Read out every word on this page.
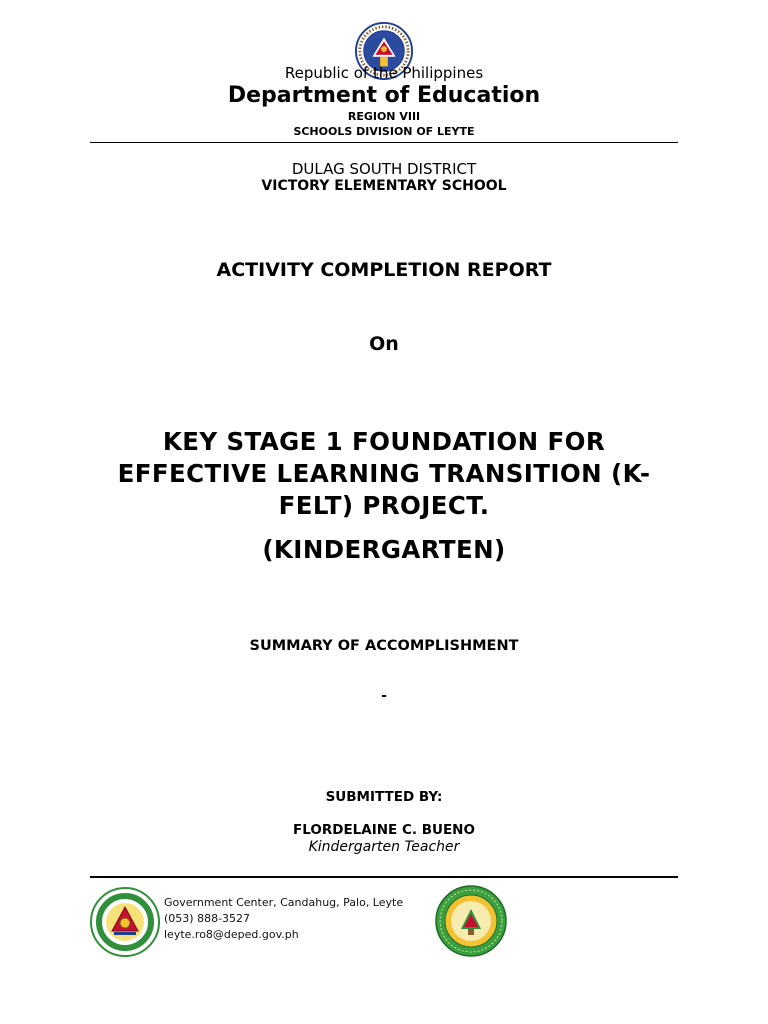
Republic of the Philippines
Department of Education
REGION VIII
SCHOOLS DIVISION OF LEYTE
DULAG SOUTH DISTRICT
VICTORY ELEMENTARY SCHOOL
ACTIVITY COMPLETION REPORT
On
KEY STAGE 1 FOUNDATION FOR EFFECTIVE LEARNING TRANSITION (K-FELT) PROJECT.
(KINDERGARTEN)
SUMMARY OF ACCOMPLISHMENT
-
SUBMITTED BY:
FLORDELAINE C. BUENO
Kindergarten Teacher
Government Center, Candahug, Palo, Leyte
(053) 888-3527
leyte.ro8@deped.gov.ph
